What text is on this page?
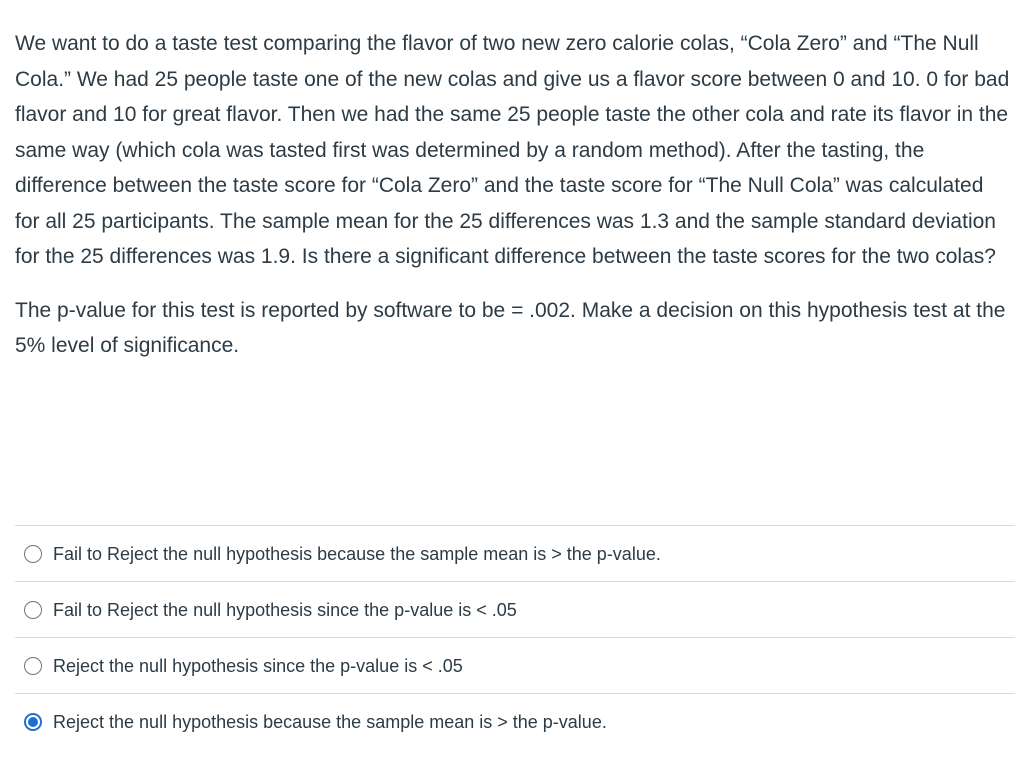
We want to do a taste test comparing the flavor of two new zero calorie colas, “Cola Zero” and “The Null Cola.” We had 25 people taste one of the new colas and give us a flavor score between 0 and 10. 0 for bad flavor and 10 for great flavor. Then we had the same 25 people taste the other cola and rate its flavor in the same way (which cola was tasted first was determined by a random method). After the tasting, the difference between the taste score for “Cola Zero” and the taste score for “The Null Cola” was calculated for all 25 participants. The sample mean for the 25 differences was 1.3 and the sample standard deviation for the 25 differences was 1.9. Is there a significant difference between the taste scores for the two colas?

The p-value for this test is reported by software to be = .002. Make a decision on this hypothesis test at the 5% level of significance.

Fail to Reject the null hypothesis because the sample mean is > the p-value.
Fail to Reject the null hypothesis since the p-value is < .05
Reject the null hypothesis since the p-value is < .05
Reject the null hypothesis because the sample mean is > the p-value.
